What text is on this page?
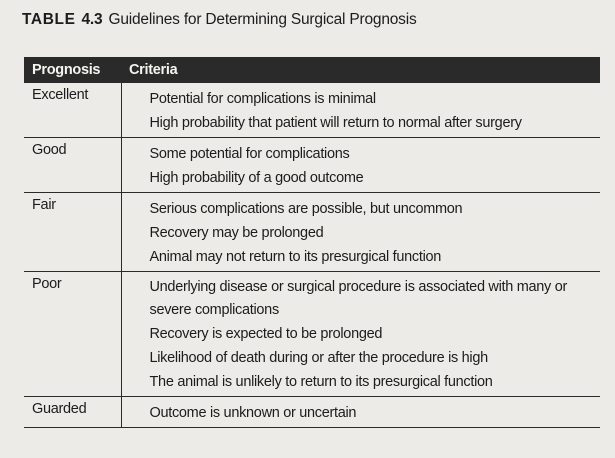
TABLE 4.3 Guidelines for Determining Surgical Prognosis
Prognosis	Criteria
Excellent	Potential for complications is minimal
High probability that patient will return to normal after surgery

Good	Some potential for complications
High probability of a good outcome

Fair	Serious complications are possible, but uncommon
Recovery may be prolonged
Animal may not return to its presurgical function

Poor	Underlying disease or surgical procedure is associated with many or severe complications
Recovery is expected to be prolonged
Likelihood of death during or after the procedure is high
The animal is unlikely to return to its presurgical function

Guarded	Outcome is unknown or uncertain
